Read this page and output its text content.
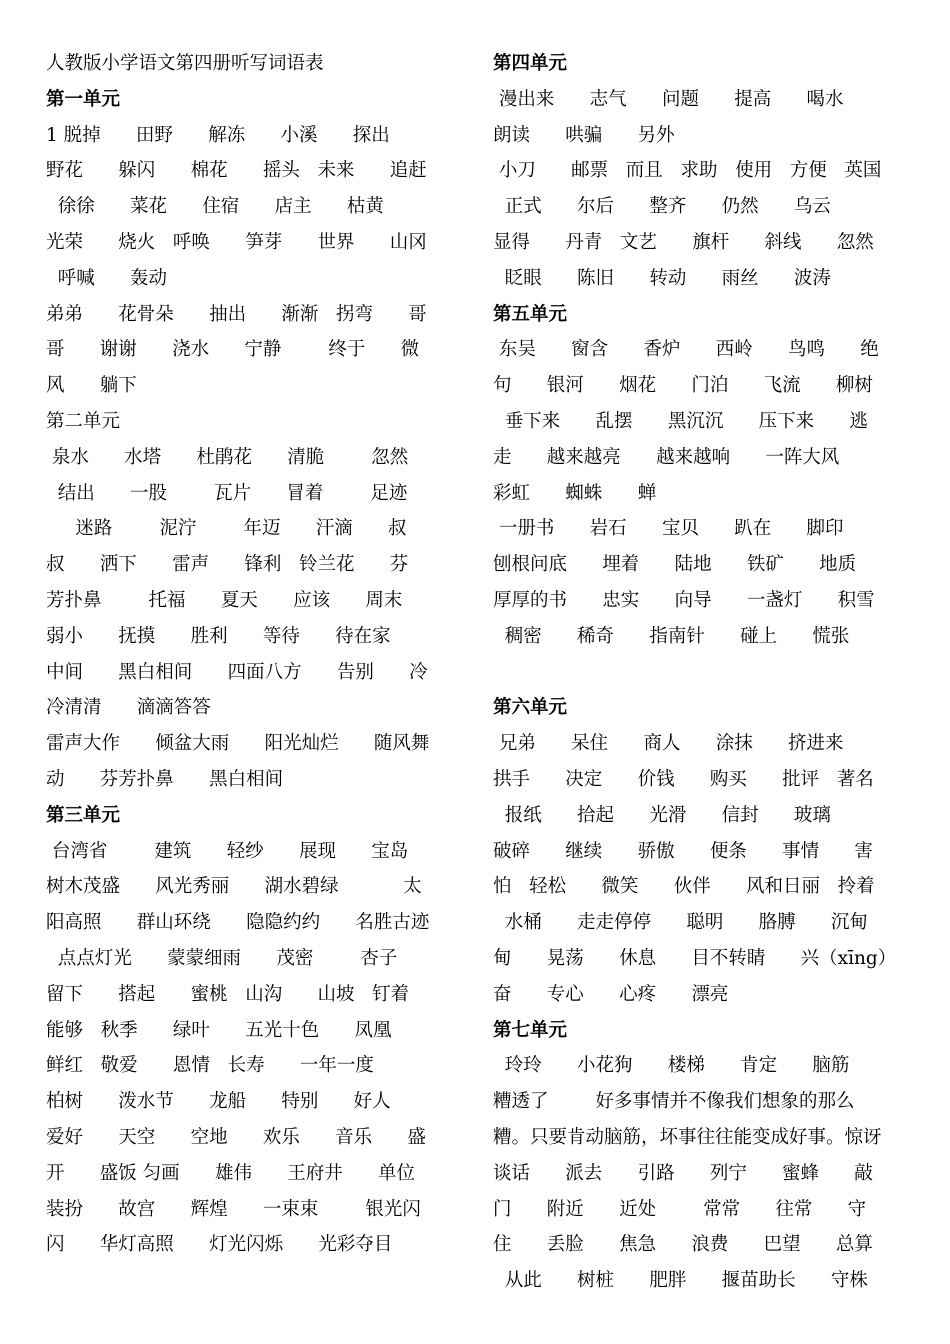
人教版小学语文第四册听写词语表
第一单元
1 脱掉      田野      解冻      小溪      探出
野花      躲闪      棉花      摇头   未来      追赶
徐徐      菜花      住宿      店主      枯黄
光荣      烧火   呼唤      笋芽      世界      山冈
呼喊      轰动
弟弟      花骨朵      抽出      渐渐   拐弯      哥
哥      谢谢      浇水      宁静        终于      微
风      躺下
第二单元
泉水      水塔      杜鹃花      清脆        忽然
结出      一股        瓦片      冒着        足迹
迷路        泥泞        年迈      汗滴      叔
叔      洒下      雷声      锋利   铃兰花      芬
芳扑鼻        托福      夏天      应该      周末
弱小      抚摸      胜利      等待      待在家
中间      黑白相间      四面八方      告别      冷
冷清清      滴滴答答
雷声大作      倾盆大雨      阳光灿烂      随风舞
动      芬芳扑鼻      黑白相间
第三单元
台湾省        建筑      轻纱      展现      宝岛
树木茂盛      风光秀丽      湖水碧绿           太
阳高照      群山环绕      隐隐约约      名胜古迹
点点灯光      蒙蒙细雨      茂密        杏子
留下      搭起      蜜桃   山沟      山坡   钉着
能够   秋季      绿叶      五光十色      凤凰
鲜红   敬爱      恩情   长寿      一年一度
柏树      泼水节      龙船      特别      好人
爱好      天空      空地      欢乐      音乐      盛
开      盛饭 匀画      雄伟      王府井      单位
装扮      故宫      辉煌      一束束        银光闪
闪      华灯高照      灯光闪烁      光彩夺目
第四单元
漫出来      志气      问题      提高      喝水
朗读      哄骗      另外
小刀      邮票   而且   求助   使用   方便   英国
正式      尔后      整齐      仍然      乌云
显得      丹青   文艺      旗杆      斜线      忽然
眨眼      陈旧      转动      雨丝      波涛
第五单元
东吴      窗含      香炉      西岭      鸟鸣      绝
句      银河      烟花      门泊      飞流      柳树
垂下来      乱摆      黑沉沉      压下来      逃
走      越来越亮      越来越响      一阵大风
彩虹      蜘蛛      蝉
一册书      岩石      宝贝      趴在      脚印
刨根问底      埋着      陆地      铁矿      地质
厚厚的书      忠实      向导      一盏灯      积雪
稠密      稀奇      指南针      碰上      慌张
第六单元
兄弟      呆住      商人      涂抹      挤进来
拱手      决定      价钱      购买      批评   著名
报纸      拾起      光滑      信封      玻璃
破碎      继续      骄傲      便条      事情      害
怕   轻松      微笑      伙伴      风和日丽   拎着
水桶      走走停停      聪明      胳膊      沉甸
甸      晃荡      休息      目不转睛      兴（xīng）
奋      专心      心疼      漂亮
第七单元
玲玲      小花狗      楼梯      肯定      脑筋
糟透了        好多事情并不像我们想象的那么
糟。只要肯动脑筋，坏事往往能变成好事。惊讶
谈话      派去      引路      列宁      蜜蜂      敲
门      附近      近处        常常      往常      守
住      丢脸      焦急      浪费      巴望      总算
从此      树桩      肥胖      揠苗助长      守株
